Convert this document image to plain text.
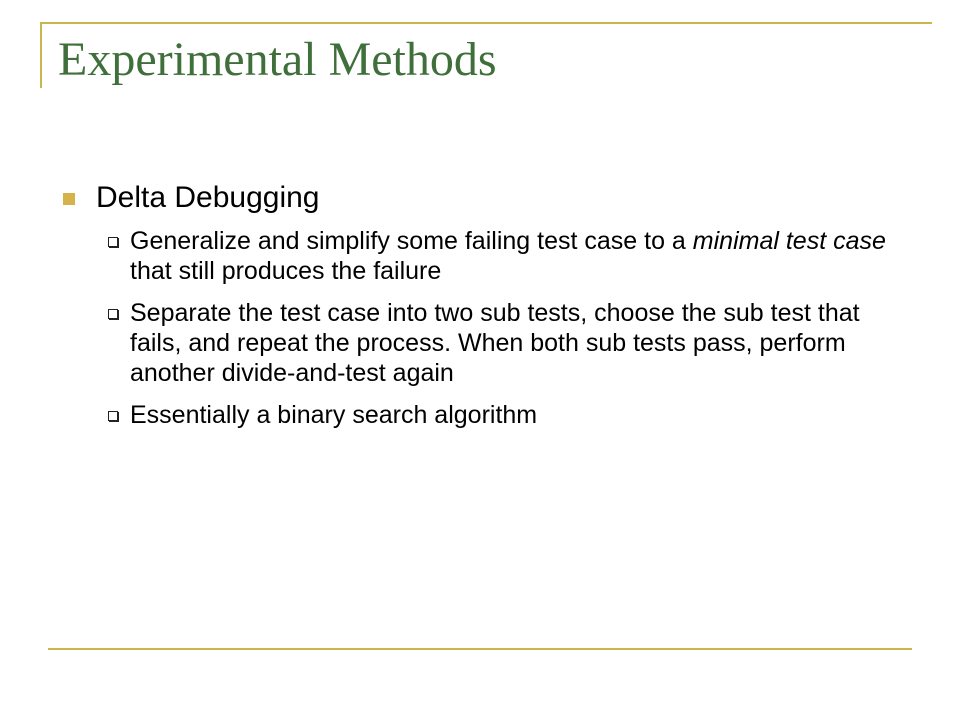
Experimental Methods
Delta Debugging
Generalize and simplify some failing test case to a minimal test case that still produces the failure
Separate the test case into two sub tests, choose the sub test that fails, and repeat the process. When both sub tests pass, perform another divide-and-test again
Essentially a binary search algorithm
